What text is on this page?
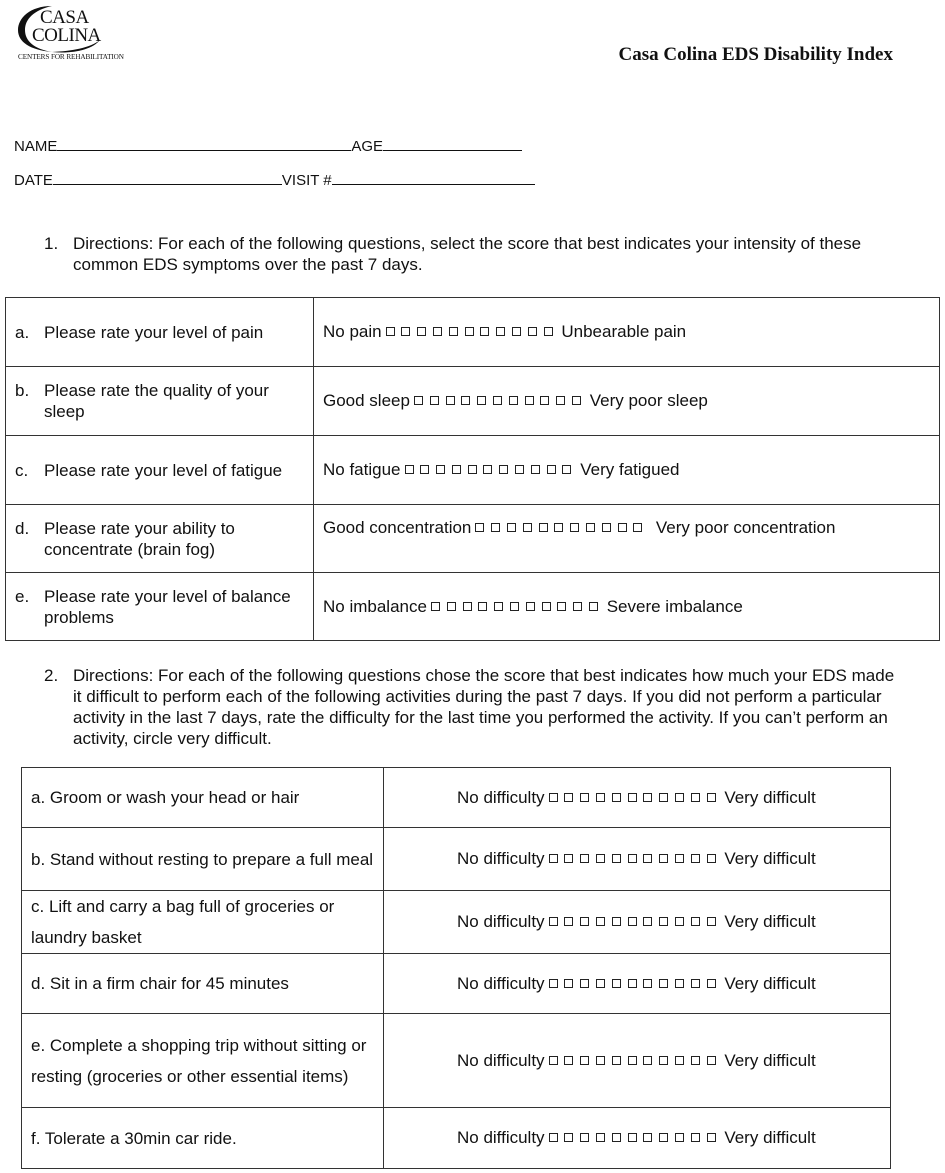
CASA
COLINA
CENTERS FOR REHABILITATION	Casa Colina EDS Disability Index
NAME	AGE
DATE	VISIT #
1. Directions: For each of the following questions, select the score that best indicates your intensity of these common EDS symptoms over the past 7 days.
a. Please rate your level of pain	No pain Unbearable pain

b. Please rate the quality of your sleep	Good sleep Very poor sleep

c. Please rate your level of fatigue	No fatigue Very fatigued

d. Please rate your ability to concentrate (brain fog)	Good concentration Very poor concentration

e. Please rate your level of balance problems	No imbalance Severe imbalance
2. Directions: For each of the following questions chose the score that best indicates how much your EDS made it difficult to perform each of the following activities during the past 7 days. If you did not perform a particular activity in the last 7 days, rate the difficulty for the last time you performed the activity. If you can’t perform an activity, circle very difficult.
a. Groom or wash your head or hair	No difficulty Very difficult
b. Stand without resting to prepare a full meal	No difficulty Very difficult
c. Lift and carry a bag full of groceries or laundry basket	No difficulty Very difficult
d. Sit in a firm chair for 45 minutes	No difficulty Very difficult
e. Complete a shopping trip without sitting or resting (groceries or other essential items)	No difficulty Very difficult
f. Tolerate a 30min car ride.	No difficulty Very difficult
